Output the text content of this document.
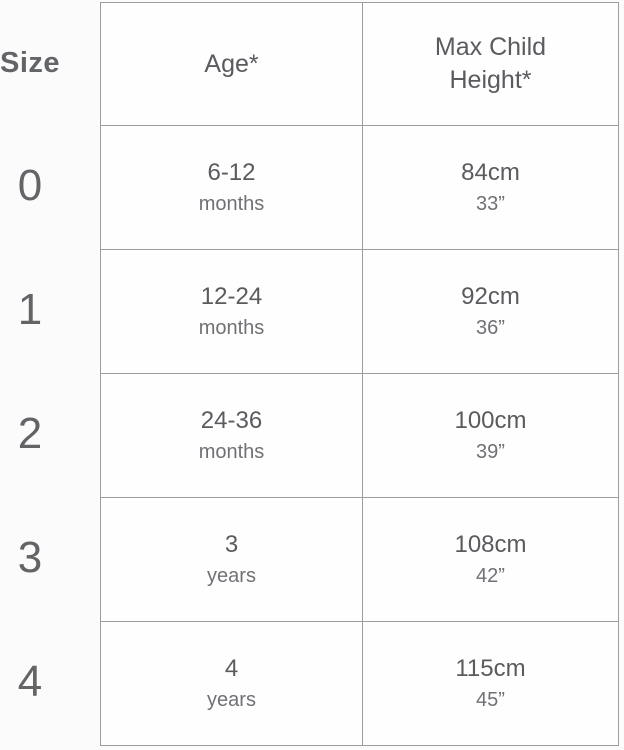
Size
0
1
2
3
4
Age*
Max Child Height*
6-12
months
84cm
33”
12-24
months
92cm
36”
24-36
months
100cm
39”
3
years
108cm
42”
4
years
115cm
45”
